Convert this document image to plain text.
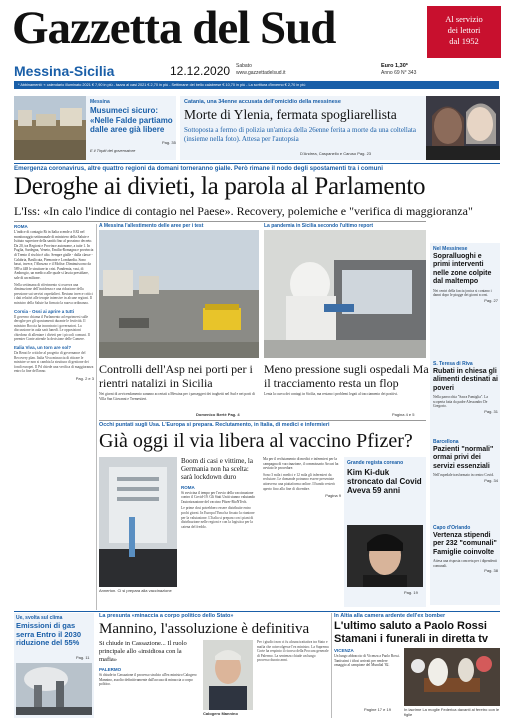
Gazzetta del Sud	Al servizio
dei lettori
dal 1952
Messina-Sicilia	12.12.2020 Sabato
www.gazzettadelsud.it
Euro 1,30*
Anno 69 N° 343
* Abbinamenti: « calendario illuminato 2021 € 7,90 in più - tazza al casi 2021 € 2,70 in più - Settimane del bello calabrese € 10,70 in più - La scrittura d'inverno € 2,70 in più
Messina
Musumeci sicuro: «Nelle Falde partiamo dalle aree già libere
Pag. 35
E il Tirpiti del governatore
Catania, una 34enne accusata dell'omicidio della messinese
Morte di Ylenia, fermata spogliarellista
Sottoposta a fermo di polizia un'amica della 26enne ferita a morte da una coltellata (insieme nella foto). Attesa per l'autopsia
D'Andrea, Caspanello e Caruso Pag. 23
Emergenza coronavirus, altre quattro regioni da domani torneranno gialle. Però rimane il nodo degli spostamenti tra i comuni
Deroghe ai divieti, la parola al Parlamento
L'Iss: «In calo l'indice di contagio nel Paese». Recovery, polemiche e "verifica di maggioranza"
ROMA
L'indice di contagio Rt in Italia scende a 0.82 nel monitoraggio settimanale di ministero della Salute e Istituto superiore della sanità fino al prossimo decreto. Da 20, tra Regioni e Province autonome, a tutte 1. In Puglia, Sardegna, Veneto, Emilia-Romagna e provincia di Trento il rischio è alto. Sempre gialle - dalla classe - Calabria, Basilicata, Piemonte e Lombardia. Sono bassi, invece, l'Abruzzo e il Molise. Diminuiscono da 589 a 448 le strutture in crisi. Pandemia, vasi, di Ambrogio, un medico alle quale si lascia presidiare, sale di un milione.
Nella settimana di riferimento si osserva una diminuzione dell'incidenza e una riduzione della pressione sui servizi ospedalieri. Restano invece critici i dati relativi alle terapie intensive in alcune regioni. Il ministro della Salute ha firmato la nuova ordinanza.
Corsia - Ossi ai aprire a tutti
Il governo chiama il Parlamento ad esprimersi sulle deroghe per gli spostamenti durante le festività. Il ministro Boccia ha incontrato i governatori. La discussione in aula sarà lunedì. Le opposizioni chiedono di allentare i divieti per i piccoli comuni. Il premier Conte attende la decisione delle Camere.
Italia Viva, un torn are sol?
Da Renzi le critiche al progetto di governance del Recovery plan. Italia Viva minaccia di ritirare le ministre se non si cambia la struttura di gestione dei fondi europei. Il Pd chiede una verifica di maggioranza entro la fine dell'anno.
Pag. 2 e 3
A Messina l'allestimento delle aree per i test
Controlli dell'Asp nei porti per i rientri natalizi in Sicilia
Nei giorni di avvicendamento saranno accertati a Messina per i passeggeri dei traghetti nel Sud e nei porti di Villa San Giovanni e Tremestieri.
Domenico Bertè Pag. 4
La pandemia in Sicilia secondo l'ultimo report
Meno pressione sugli ospedali Ma il tracciamento resta un flop
Lenta la curva dei contagi in Sicilia, ma restano i problemi legati al tracciamento dei positivi.
Pagina 4 e 5
Nel Messinese
Sopralluoghi e primi interventi nelle zone colpite dal maltempo
Nei centri della fascia jonica si contano i danni dopo le piogge dei giorni scorsi.
Pag. 27
S. Teresa di Riva
Rubati in chiesa gli alimenti destinati ai poveri
Nella parrocchia "Sacra Famiglia". La scoperta fatta da padre Alessandro De Gregorio.
Pag. 31
Barcellona
Pazienti "normali" ormai privi dei servizi essenziali
Nell'ospedale trasformato in centro Covid.
Pag. 34
Capo d'Orlando
Vertenza stipendi per 232 "comunali" Famiglie coinvolte
Attesa una risposta concreta per i dipendenti comunali.
Pag. 38
Occhi puntati sugli Usa. L'Europa si prepara. Reclutamento, in Italia, di medici e infermieri
Già oggi il via libera al vaccino Pfizer?
Annerton. Ci si prepara alla vaccinazione
Boom di casi e vittime, la Germania non ha scelta: sarà lockdown duro
ROMA
Si avvicina il tempo per l'avvio della vaccinazione contro il Covid-19. Gli Stati Uniti stanno valutando l'autorizzazione del vaccino Pfizer-BioNTech.
Le prime dosi potrebbero essere distribuite entro pochi giorni. In Europa l'Ema ha fissato la riunione per la valutazione. L'Italia si prepara con i piani di distribuzione nelle regioni e con la logistica per la catena del freddo.
Ma per il reclutamento di medici e infermieri per la campagna di vaccinazione, il commissario Arcuri ha avviato le procedure.
Sono 3 mila i medici e 12 mila gli infermieri da reclutare. Le domande potranno essere presentate attraverso una piattaforma online. Il bando resterà aperto fino alla fine di dicembre.
Pagina 9
Grande regista coreano
Kim Ki-duk stroncato dal Covid Aveva 59 anni
Pag. 19
Ue, svolta sul clima
Emissioni di gas serra Entro il 2030 riduzione del 55%
Pag. 11
La presunta «minaccia a corpo politico dello Stato»
Mannino, l'assoluzione è definitiva
Si chiude in Cassazione... Il ruolo principale allo «insidiosa con la mafia»
PALERMO
Si chiude in Cassazione il processo stralcio all'ex ministro Calogero Mannino, assolto definitivamente dall'accusa di minaccia a corpo politico.
Calogero Mannino
Per i giudici non ci fu alcuna trattativa tra Stato e mafia che coinvolgesse l'ex ministro. La Suprema Corte ha respinto il ricorso della Procura generale di Palermo. La sentenza chiude un lungo processo durato anni.
In Altia alla camera ardente dell'ex bomber
L'ultimo saluto a Paolo Rossi Stamani i funerali in diretta tv
VICENZA
Un lungo abbraccio di Vicenza a Paolo Rossi. Tantissimi i tifosi arrivati per rendere omaggio al campione del Mundial '82.
Pagine 17 e 19	In lacrime La moglie Federica davanti al feretro con le figlie
